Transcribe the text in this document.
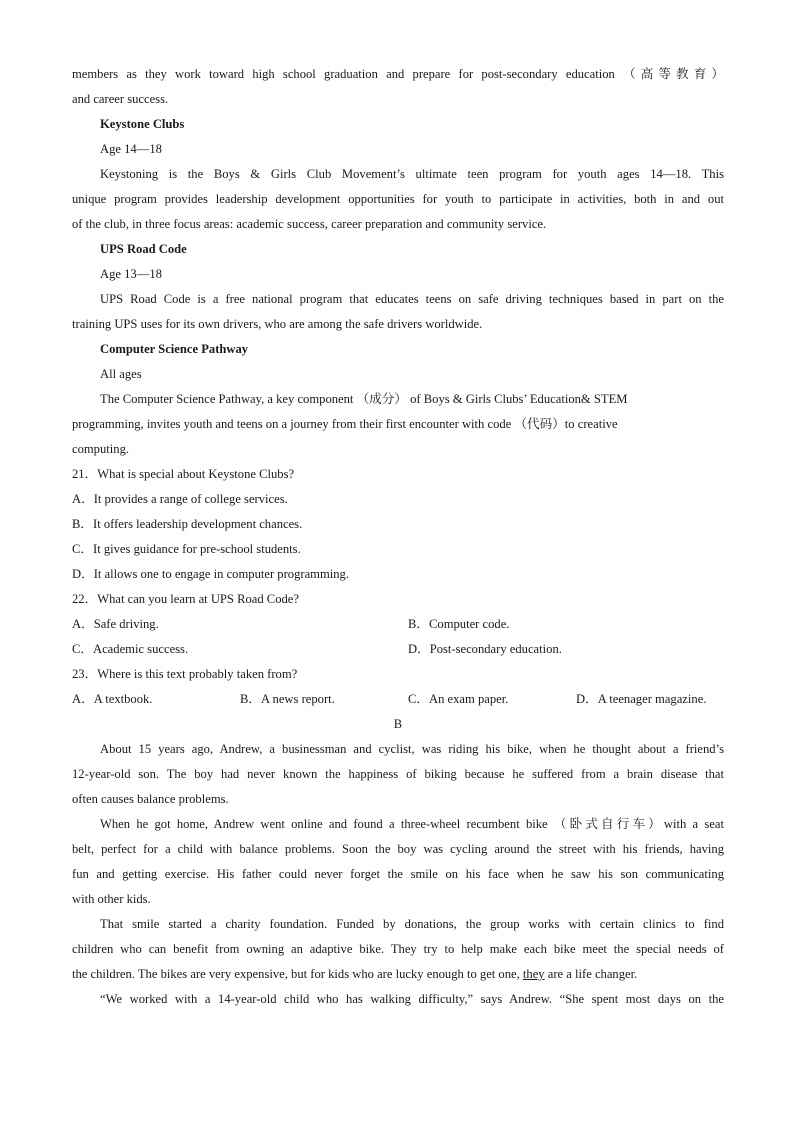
members as they work toward high school graduation and prepare for post-secondary education （高等教育）
and career success.
Keystone Clubs
Age 14—18
Keystoning is the Boys & Girls Club Movement’s ultimate teen program for youth ages 14—18. This
unique program provides leadership development opportunities for youth to participate in activities, both in and out
of the club, in three focus areas: academic success, career preparation and community service.
UPS Road Code
Age 13—18
UPS Road Code is a free national program that educates teens on safe driving techniques based in part on the
training UPS uses for its own drivers, who are among the safe drivers worldwide.
Computer Science Pathway
All ages
The Computer Science Pathway, a key component （成分） of Boys & Girls Clubs’ Education& STEM
programming, invites youth and teens on a journey from their first encounter with code （代码）to creative
computing.
21．What is special about Keystone Clubs?
A．It provides a range of college services.
B．It offers leadership development chances.
C．It gives guidance for pre-school students.
D．It allows one to engage in computer programming.
22．What can you learn at UPS Road Code?
A．Safe driving.	B．Computer code.
C．Academic success.	D．Post-secondary education.
23．Where is this text probably taken from?
A．A textbook.	B．A news report.	C．An exam paper.	D．A teenager magazine.
B
About 15 years ago, Andrew, a businessman and cyclist, was riding his bike, when he thought about a friend’s
12-year-old son. The boy had never known the happiness of biking because he suffered from a brain disease that
often causes balance problems.
When he got home, Andrew went online and found a three-wheel recumbent bike （卧式自行车）with a seat
belt, perfect for a child with balance problems. Soon the boy was cycling around the street with his friends, having
fun and getting exercise. His father could never forget the smile on his face when he saw his son communicating
with other kids.
That smile started a charity foundation. Funded by donations, the group works with certain clinics to find
children who can benefit from owning an adaptive bike. They try to help make each bike meet the special needs of
the children. The bikes are very expensive, but for kids who are lucky enough to get one, they are a life changer.
“We worked with a 14-year-old child who has walking difficulty,” says Andrew. “She spent most days on the
